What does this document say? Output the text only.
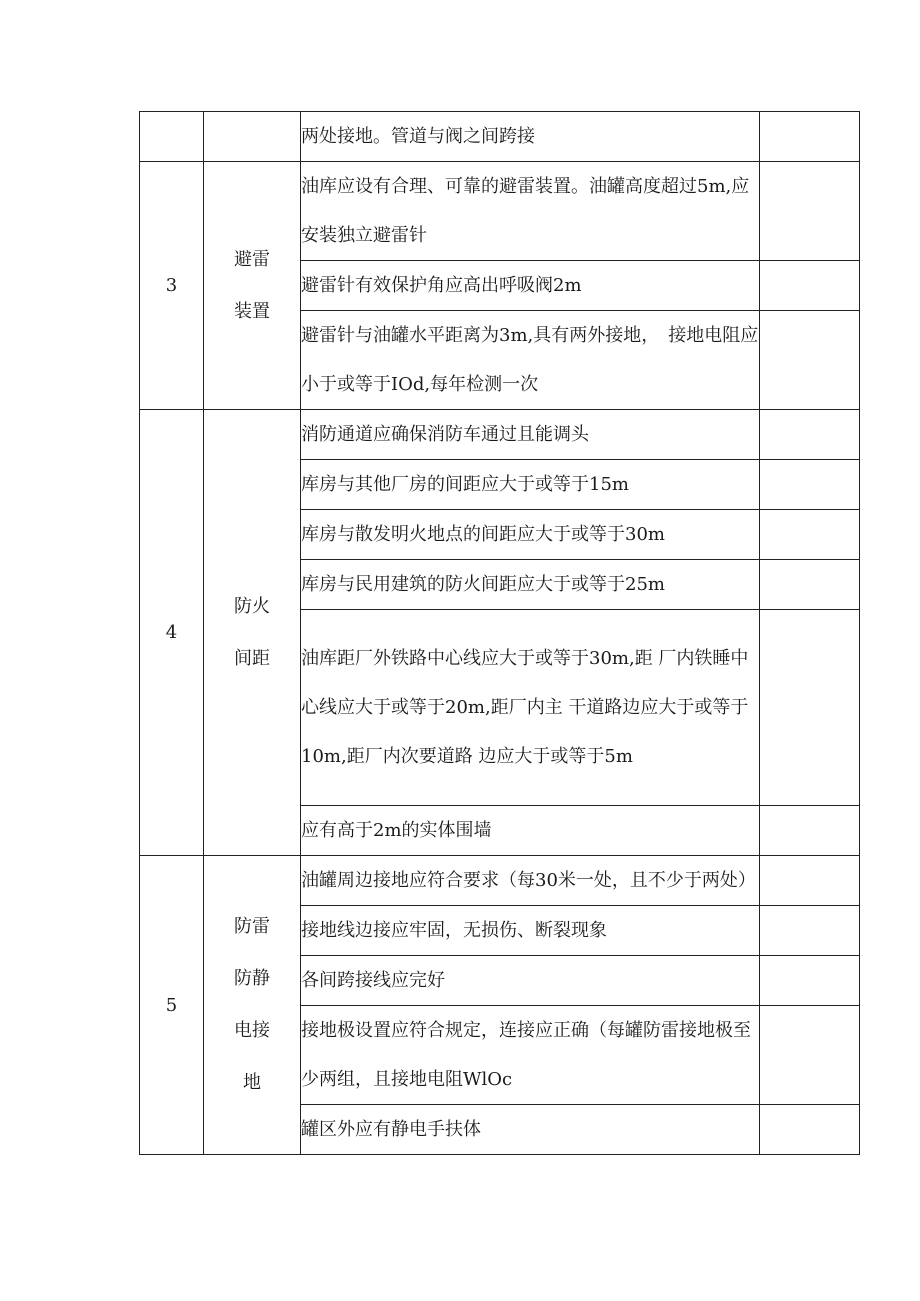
		两处接地。管道与阀之间跨接	
3	避雷装置	油库应设有合理、可靠的避雷装置。油罐高度超过5m,应安装独立避雷针	
		避雷针有效保护角应高出呼吸阀2m	
		避雷针与油罐水平距离为3m,具有两外接地，　接地电阻应小于或等于IOd,每年检测一次	
4	防火间距	消防通道应确保消防车通过且能调头	
		库房与其他厂房的间距应大于或等于15m	
		库房与散发明火地点的间距应大于或等于30m	
		库房与民用建筑的防火间距应大于或等于25m	
		油库距厂外铁路中心线应大于或等于30m,距 厂内铁睡中心线应大于或等于20m,距厂内主 干道路边应大于或等于10m,距厂内次要道路 边应大于或等于5m	
		应有高于2m的实体围墙	
5	防雷防静电接地	油罐周边接地应符合要求（每30米一处，且不少于两处）	
		接地线边接应牢固，无损伤、断裂现象	
		各间跨接线应完好	
		接地极设置应符合规定，连接应正确（每罐防雷接地极至少两组，且接地电阻WlOc	
		罐区外应有静电手扶体	
